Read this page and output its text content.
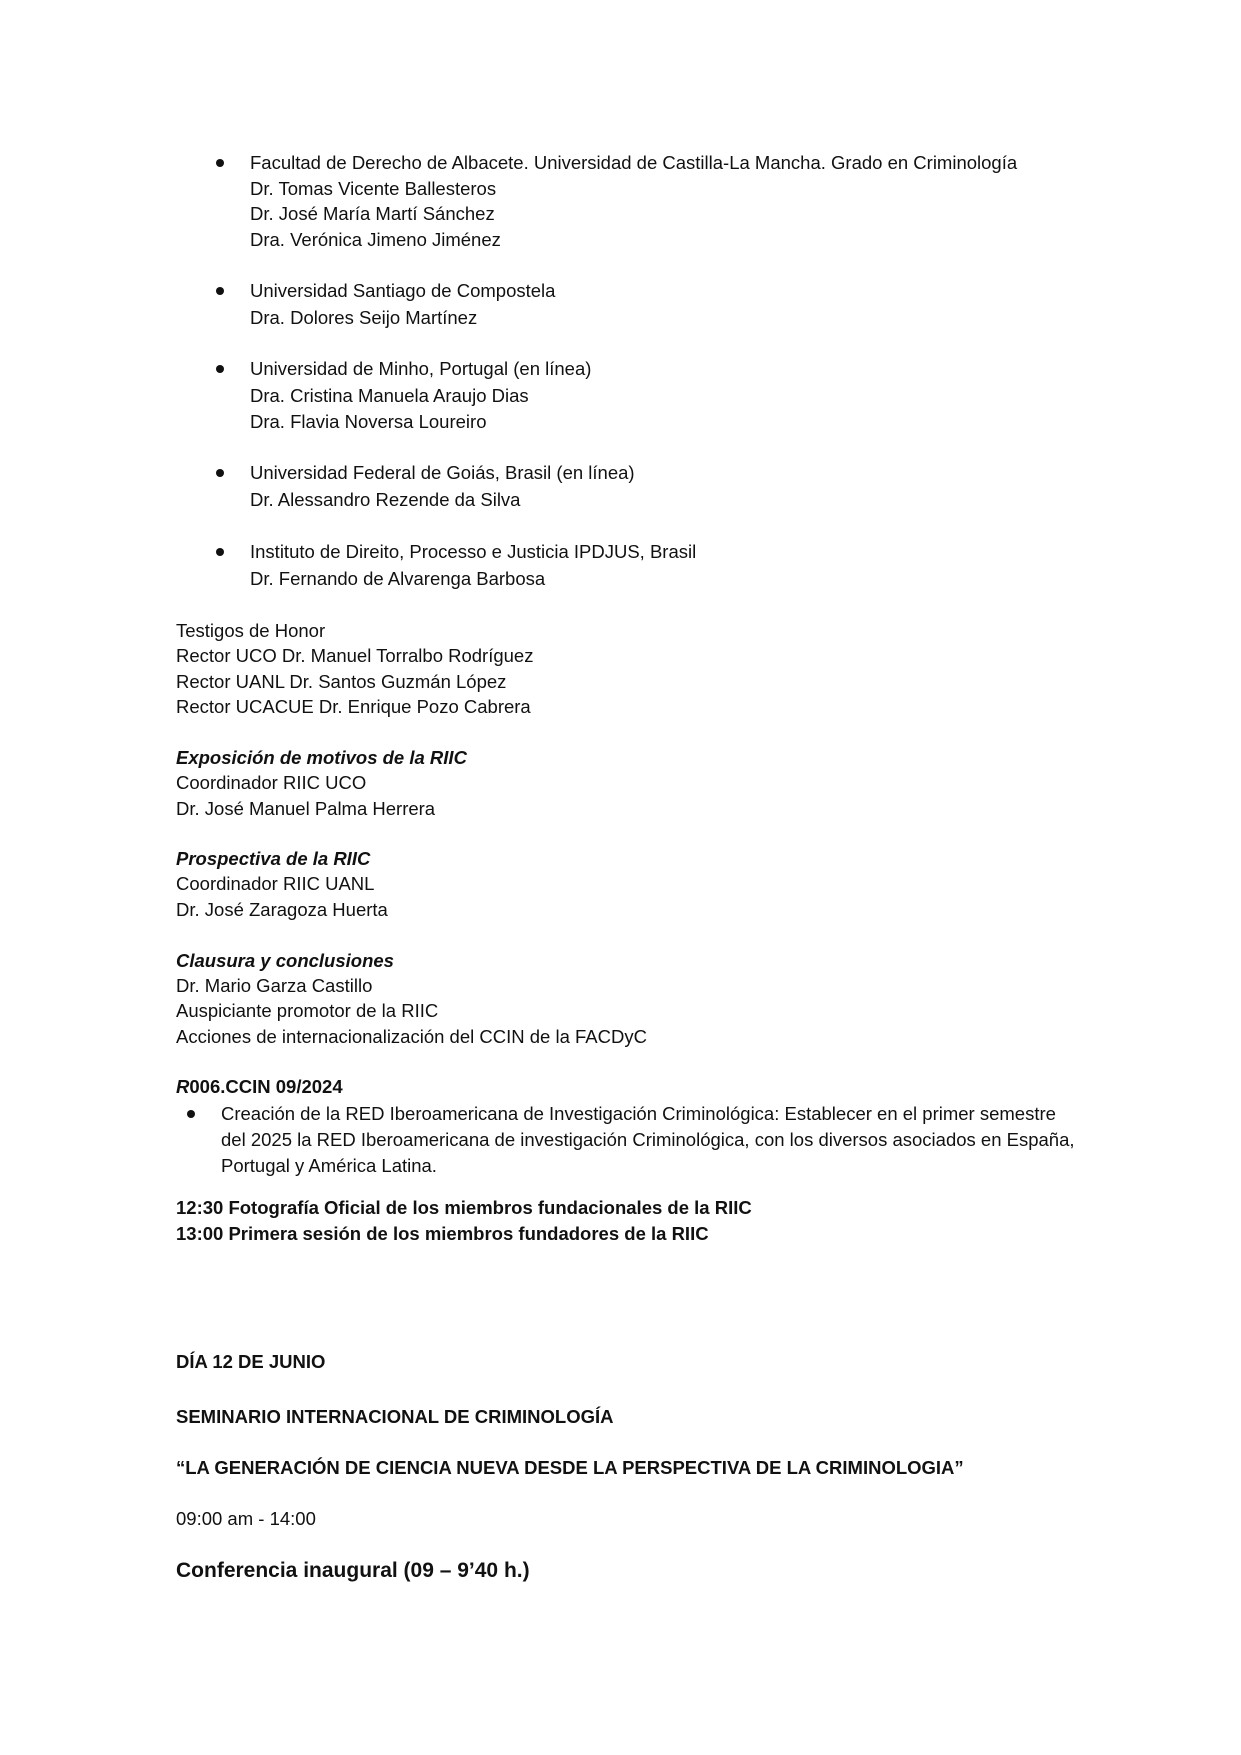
Facultad de Derecho de Albacete. Universidad de Castilla-La Mancha. Grado en Criminología
Dr. Tomas Vicente Ballesteros
Dr. José María Martí Sánchez
Dra. Verónica Jimeno Jiménez
Universidad Santiago de Compostela
Dra. Dolores Seijo Martínez
Universidad de Minho, Portugal (en línea)
Dra. Cristina Manuela Araujo Dias
Dra. Flavia Noversa Loureiro
Universidad Federal de Goiás, Brasil (en línea)
Dr. Alessandro Rezende da Silva
Instituto de Direito, Processo e Justicia IPDJUS, Brasil
Dr. Fernando de Alvarenga Barbosa
Testigos de Honor
Rector UCO Dr. Manuel Torralbo Rodríguez
Rector UANL Dr. Santos Guzmán López
Rector UCACUE Dr. Enrique Pozo Cabrera
Exposición de motivos de la RIIC
Coordinador RIIC UCO
Dr. José Manuel Palma Herrera
Prospectiva de la RIIC
Coordinador RIIC UANL
Dr. José Zaragoza Huerta
Clausura y conclusiones
Dr. Mario Garza Castillo
Auspiciante promotor de la RIIC
Acciones de internacionalización del CCIN de la FACDyC
R006.CCIN 09/2024
Creación de la RED Iberoamericana de Investigación Criminológica: Establecer en el primer semestre del 2025 la RED Iberoamericana de investigación Criminológica, con los diversos asociados en España, Portugal y América Latina.
12:30 Fotografía Oficial de los miembros fundacionales de la RIIC
13:00 Primera sesión de los miembros fundadores de la RIIC
DÍA 12 DE JUNIO
SEMINARIO INTERNACIONAL DE CRIMINOLOGÍA
“LA GENERACIÓN DE CIENCIA NUEVA DESDE LA PERSPECTIVA DE LA CRIMINOLOGIA”
09:00 am - 14:00
Conferencia inaugural (09 – 9’40 h.)
